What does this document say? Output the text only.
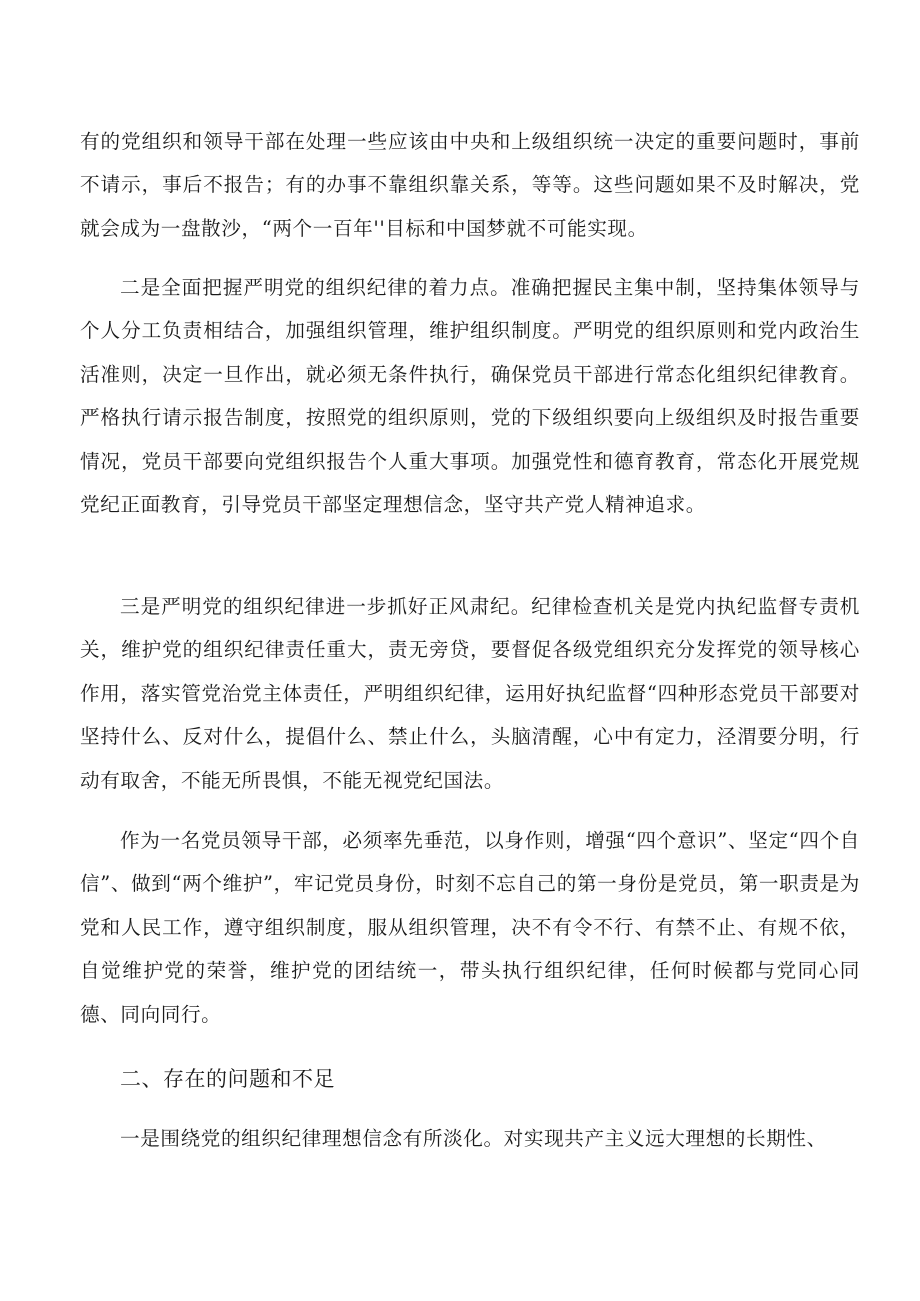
有的党组织和领导干部在处理一些应该由中央和上级组织统一决定的重要问题时，事前不请示，事后不报告；有的办事不靠组织靠关系，等等。这些问题如果不及时解决，党就会成为一盘散沙，“两个一百年''目标和中国梦就不可能实现。

二是全面把握严明党的组织纪律的着力点。准确把握民主集中制，坚持集体领导与个人分工负责相结合，加强组织管理，维护组织制度。严明党的组织原则和党内政治生活准则，决定一旦作出，就必须无条件执行，确保党员干部进行常态化组织纪律教育。严格执行请示报告制度，按照党的组织原则，党的下级组织要向上级组织及时报告重要情况，党员干部要向党组织报告个人重大事项。加强党性和德育教育，常态化开展党规党纪正面教育，引导党员干部坚定理想信念，坚守共产党人精神追求。

三是严明党的组织纪律进一步抓好正风肃纪。纪律检查机关是党内执纪监督专责机关，维护党的组织纪律责任重大，责无旁贷，要督促各级党组织充分发挥党的领导核心作用，落实管党治党主体责任，严明组织纪律，运用好执纪监督“四种形态党员干部要对坚持什么、反对什么，提倡什么、禁止什么，头脑清醒，心中有定力，泾渭要分明，行动有取舍，不能无所畏惧，不能无视党纪国法。

作为一名党员领导干部，必须率先垂范，以身作则，增强“四个意识”、坚定“四个自信”、做到“两个维护”，牢记党员身份，时刻不忘自己的第一身份是党员，第一职责是为党和人民工作，遵守组织制度，服从组织管理，决不有令不行、有禁不止、有规不依，自觉维护党的荣誉，维护党的团结统一，带头执行组织纪律，任何时候都与党同心同德、同向同行。

二、存在的问题和不足

一是围绕党的组织纪律理想信念有所淡化。对实现共产主义远大理想的长期性、
